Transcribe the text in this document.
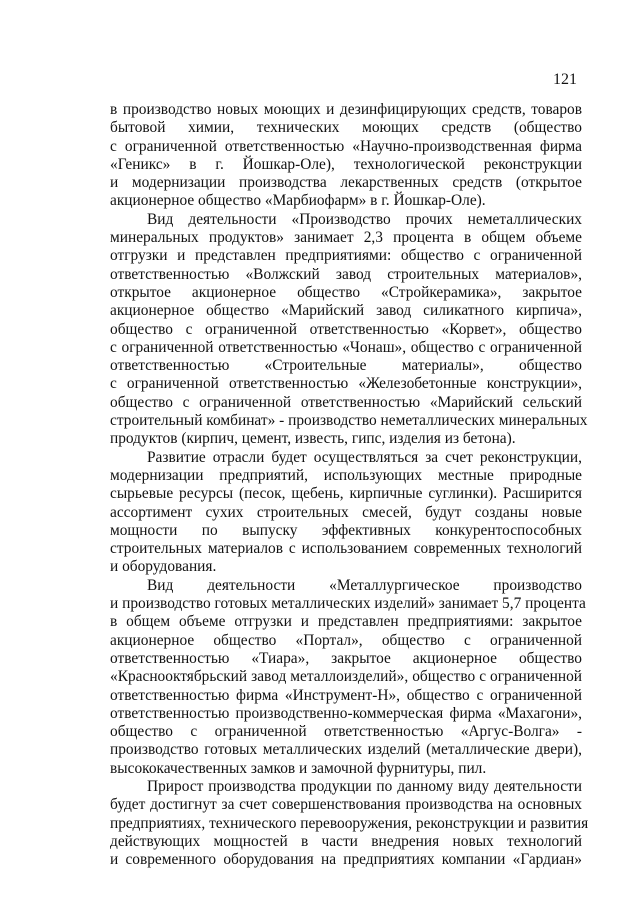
121
в производство новых моющих и дезинфицирующих средств, товаров
бытовой химии, технических моющих средств (общество
с ограниченной ответственностью «Научно-производственная фирма
«Геникс» в г. Йошкар-Оле), технологической реконструкции
и модернизации производства лекарственных средств (открытое
акционерное общество «Марбиофарм» в г. Йошкар-Оле).
Вид деятельности «Производство прочих неметаллических
минеральных продуктов» занимает 2,3 процента в общем объеме
отгрузки и представлен предприятиями: общество с ограниченной
ответственностью «Волжский завод строительных материалов»,
открытое акционерное общество «Стройкерамика», закрытое
акционерное общество «Марийский завод силикатного кирпича»,
общество с ограниченной ответственностью «Корвет», общество
с ограниченной ответственностью «Чонаш», общество с ограниченной
ответственностью «Строительные материалы», общество
с ограниченной ответственностью «Железобетонные конструкции»,
общество с ограниченной ответственностью «Марийский сельский
строительный комбинат» - производство неметаллических минеральных
продуктов (кирпич, цемент, известь, гипс, изделия из бетона).
Развитие отрасли будет осуществляться за счет реконструкции,
модернизации предприятий, использующих местные природные
сырьевые ресурсы (песок, щебень, кирпичные суглинки). Расширится
ассортимент сухих строительных смесей, будут созданы новые
мощности по выпуску эффективных конкурентоспособных
строительных материалов с использованием современных технологий
и оборудования.
Вид деятельности «Металлургическое производство
и производство готовых металлических изделий» занимает 5,7 процента
в общем объеме отгрузки и представлен предприятиями: закрытое
акционерное общество «Портал», общество с ограниченной
ответственностью «Тиара», закрытое акционерное общество
«Краснооктябрьский завод металлоизделий», общество с ограниченной
ответственностью фирма «Инструмент-Н», общество с ограниченной
ответственностью производственно-коммерческая фирма «Махагони»,
общество с ограниченной ответственностью «Аргус-Волга» -
производство готовых металлических изделий (металлические двери),
высококачественных замков и замочной фурнитуры, пил.
Прирост производства продукции по данному виду деятельности
будет достигнут за счет совершенствования производства на основных
предприятиях, технического перевооружения, реконструкции и развития
действующих мощностей в части внедрения новых технологий
и современного оборудования на предприятиях компании «Гардиан»
